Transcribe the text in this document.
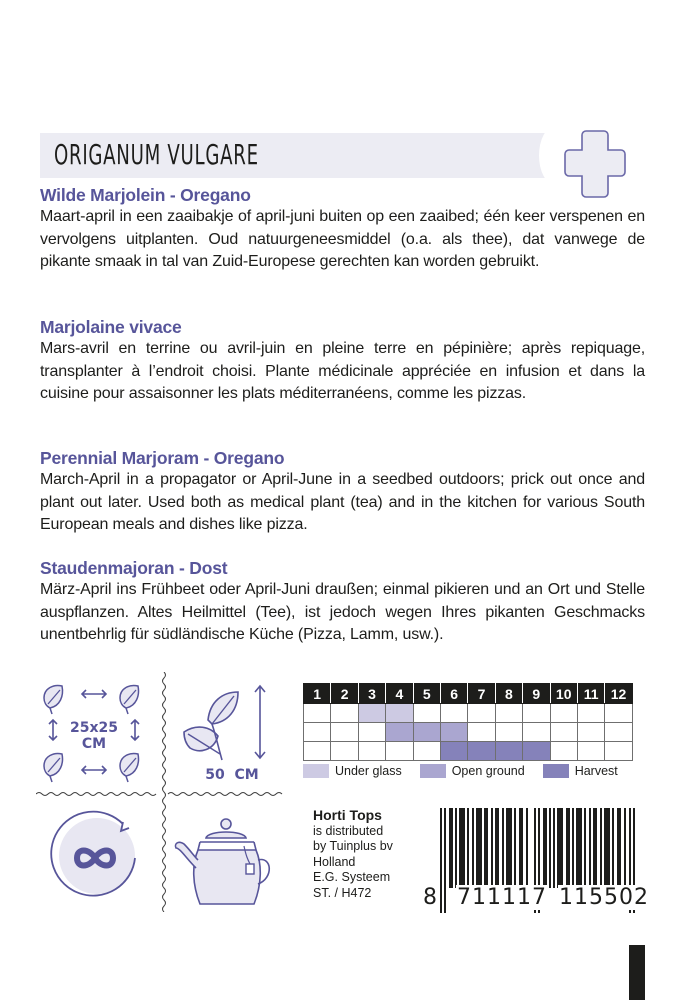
ORIGANUM VULGARE
Wilde Marjolein - Oregano

Maart-april in een zaaibakje of april-juni buiten op een zaaibed; één keer verspenen en vervolgens uitplanten. Oud natuurgeneesmiddel (o.a. als thee), dat vanwege de pikante smaak in tal van Zuid-Europese gerechten kan worden gebruikt.

Marjolaine vivace

Mars-avril en terrine ou avril-juin en pleine terre en pépinière; après repiquage, transplanter à l’endroit choisi. Plante médicinale appréciée en infusion et dans la cuisine pour assaisonner les plats méditerranéens, comme les pizzas.

Perennial Marjoram - Oregano

March-April in a propagator or April-June in a seedbed outdoors; prick out once and plant out later. Used both as medical plant (tea) and in the kitchen for various South European meals and dishes like pizza.

Staudenmajoran - Dost

März-April ins Frühbeet oder April-Juni draußen; einmal pikieren und an Ort und Stelle auspflanzen. Altes Heilmittel (Tee), ist jedoch wegen Ihres pikanten Geschmacks unentbehrlig für südländische Küche (Pizza, Lamm, usw.).

25x25
CM
50  CM
1	2	3	4	5	6	7	8	9	10	11	12

Under glass	Open ground	Harvest
Horti Tops
is distributed
by Tuinplus bv
Holland
E.G. Systeem
ST. / H472	8 711117 115502
